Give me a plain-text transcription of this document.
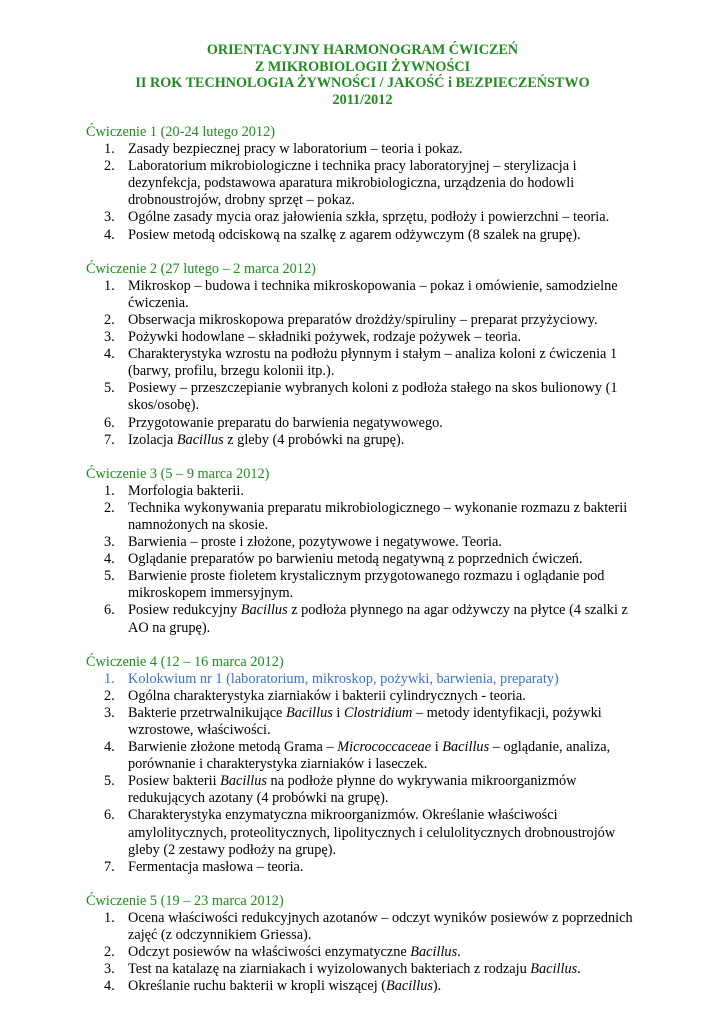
ORIENTACYJNY HARMONOGRAM ĆWICZEŃ
Z MIKROBIOLOGII ŻYWNOŚCI
II ROK TECHNOLOGIA ŻYWNOŚCI / JAKOŚĆ i BEZPIECZEŃSTWO
2011/2012
Ćwiczenie 1 (20-24 lutego 2012)
1. Zasady bezpiecznej pracy w laboratorium – teoria i pokaz.
2. Laboratorium mikrobiologiczne i technika pracy laboratoryjnej – sterylizacja i dezynfekcja, podstawowa aparatura mikrobiologiczna, urządzenia do hodowli drobnoustrojów, drobny sprzęt – pokaz.
3. Ogólne zasady mycia oraz jałowienia szkła, sprzętu, podłoży i powierzchni – teoria.
4. Posiew metodą odciskową na szalkę z agarem odżywczym (8 szalek na grupę).
Ćwiczenie 2 (27 lutego – 2 marca 2012)
1. Mikroskop – budowa i technika mikroskopowania – pokaz i omówienie, samodzielne ćwiczenia.
2. Obserwacja mikroskopowa preparatów drożdży/spiruliny – preparat przyżyciowy.
3. Pożywki hodowlane – składniki pożywek, rodzaje pożywek – teoria.
4. Charakterystyka wzrostu na podłożu płynnym i stałym – analiza koloni z ćwiczenia 1 (barwy, profilu, brzegu kolonii itp.).
5. Posiewy – przeszczepianie wybranych koloni z podłoża stałego na skos bulionowy (1 skos/osobę).
6. Przygotowanie preparatu do barwienia negatywowego.
7. Izolacja Bacillus z gleby (4 probówki na grupę).
Ćwiczenie 3 (5 – 9 marca 2012)
1. Morfologia bakterii.
2. Technika wykonywania preparatu mikrobiologicznego – wykonanie rozmazu z bakterii namnożonych na skosie.
3. Barwienia – proste i złożone, pozytywowe i negatywowe. Teoria.
4. Oglądanie preparatów po barwieniu metodą negatywną z poprzednich ćwiczeń.
5. Barwienie proste fioletem krystalicznym przygotowanego rozmazu i oglądanie pod mikroskopem immersyjnym.
6. Posiew redukcyjny Bacillus z podłoża płynnego na agar odżywczy na płytce (4 szalki z AO na grupę).
Ćwiczenie 4 (12 – 16 marca 2012)
1. Kolokwium nr 1 (laboratorium, mikroskop, pożywki, barwienia, preparaty)
2. Ogólna charakterystyka ziarniaków i bakterii cylindrycznych - teoria.
3. Bakterie przetrwalnikujące Bacillus i Clostridium – metody identyfikacji, pożywki wzrostowe, właściwości.
4. Barwienie złożone metodą Grama – Micrococcaceae i Bacillus – oglądanie, analiza, porównanie i charakterystyka ziarniaków i laseczek.
5. Posiew bakterii Bacillus na podłoże płynne do wykrywania mikroorganizmów redukujących azotany (4 probówki na grupę).
6. Charakterystyka enzymatyczna mikroorganizmów. Określanie właściwości amylolitycznych, proteolitycznych, lipolitycznych i celulolitycznych drobnoustrojów gleby (2 zestawy podłoży na grupę).
7. Fermentacja masłowa – teoria.
Ćwiczenie 5 (19 – 23 marca 2012)
1. Ocena właściwości redukcyjnych azotanów – odczyt wyników posiewów z poprzednich zajęć (z odczynnikiem Griessa).
2. Odczyt posiewów na właściwości enzymatyczne Bacillus.
3. Test na katalazę na ziarniakach i wyizolowanych bakteriach z rodzaju Bacillus.
4. Określanie ruchu bakterii w kropli wiszącej (Bacillus).
